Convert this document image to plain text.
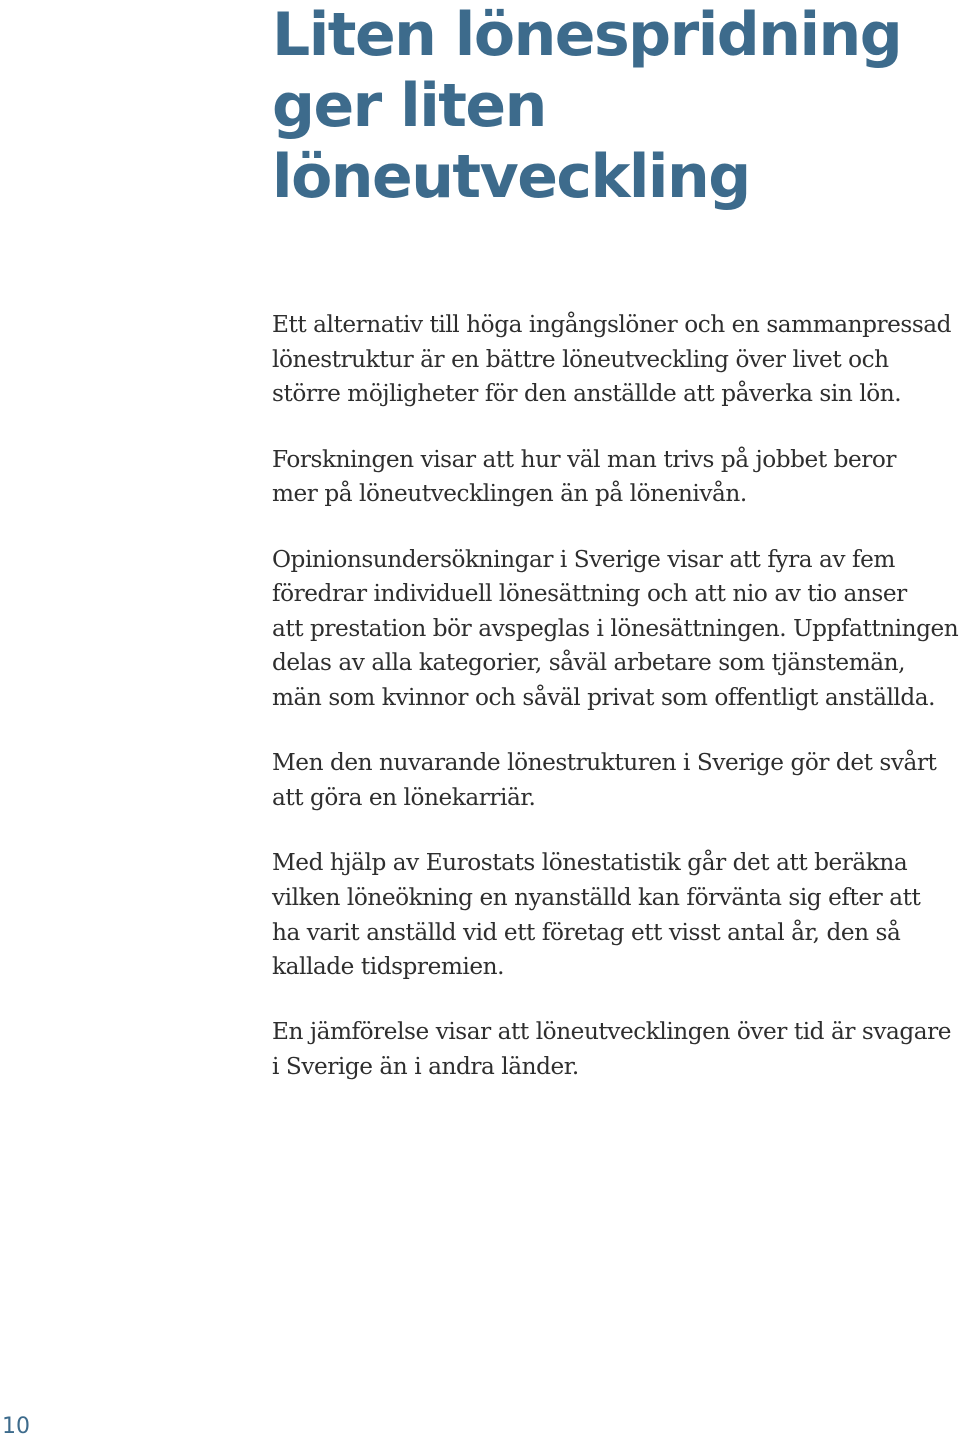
Liten lönespridning
ger liten
löneutveckling

Ett alternativ till höga ingångslöner och en sammanpressad
lönestruktur är en bättre löneutveckling över livet och
större möjligheter för den anställde att påverka sin lön.

Forskningen visar att hur väl man trivs på jobbet beror
mer på löneutvecklingen än på lönenivån.

Opinionsundersökningar i Sverige visar att fyra av fem
föredrar individuell lönesättning och att nio av tio anser
att prestation bör avspeglas i lönesättningen. Uppfattningen
delas av alla kategorier, såväl arbetare som tjänstemän,
män som kvinnor och såväl privat som offentligt anställda.

Men den nuvarande lönestrukturen i Sverige gör det svårt
att göra en lönekarriär.

Med hjälp av Eurostats lönestatistik går det att beräkna
vilken löneökning en nyanställd kan förvänta sig efter att
ha varit anställd vid ett företag ett visst antal år, den så
kallade tidspremien.

En jämförelse visar att löneutvecklingen över tid är svagare
i Sverige än i andra länder.

10
